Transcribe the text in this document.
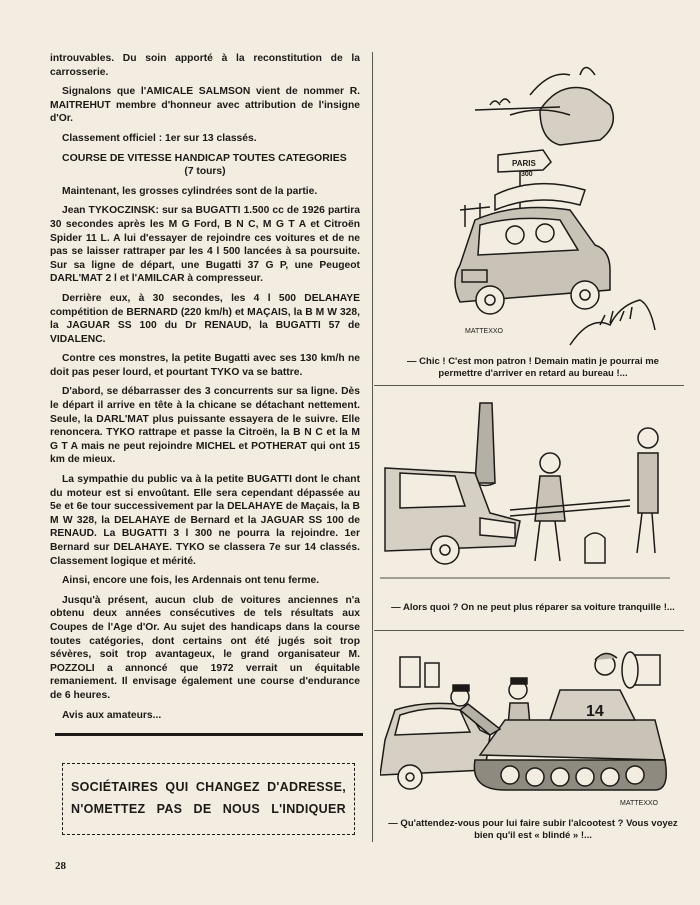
introuvables. Du soin apporté à la reconstitution de la carrosserie.

Signalons que l'AMICALE SALMSON vient de nommer R. MAITREHUT membre d'honneur avec attribution de l'insigne d'Or.

Classement officiel : 1er sur 13 classés.

COURSE DE VITESSE HANDICAP TOUTES CATEGORIES

(7 tours)

Maintenant, les grosses cylindrées sont de la partie.

Jean TYKOCZINSK: sur sa BUGATTI 1.500 cc de 1926 partira 30 secondes après les M G Ford, B N C, M G T A et Citroën Spider 11 L. A lui d'essayer de rejoindre ces voitures et de ne pas se laisser rattraper par les 4 l 500 lancées à sa poursuite. Sur sa ligne de départ, une Bugatti 37 G P, une Peugeot DARL'MAT 2 l et l'AMILCAR à compresseur.

Derrière eux, à 30 secondes, les 4 l 500 DELAHAYE compétition de BERNARD (220 km/h) et MAÇAIS, la B M W 328, la JAGUAR SS 100 du Dr RENAUD, la BUGATTI 57 de VIDALENC.

Contre ces monstres, la petite Bugatti avec ses 130 km/h ne doit pas peser lourd, et pourtant TYKO va se battre.

D'abord, se débarrasser des 3 concurrents sur sa ligne. Dès le départ il arrive en tête à la chicane se détachant nettement. Seule, la DARL'MAT plus puissante essayera de le suivre. Elle renoncera. TYKO rattrape et passe la Citroën, la B N C et la M G T A mais ne peut rejoindre MICHEL et POTHERAT qui ont 15 km de mieux.

La sympathie du public va à la petite BUGATTI dont le chant du moteur est si envoûtant. Elle sera cependant dépassée au 5e et 6e tour successivement par la DELAHAYE de Maçais, la B M W 328, la DELAHAYE de Bernard et la JAGUAR SS 100 de RENAUD. La BUGATTI 3 l 300 ne pourra la rejoindre. 1er Bernard sur DELAHAYE. TYKO se classera 7e sur 14 classés. Classement logique et mérité.

Ainsi, encore une fois, les Ardennais ont tenu ferme.

Jusqu'à présent, aucun club de voitures anciennes n'a obtenu deux années consécutives de tels résultats aux Coupes de l'Age d'Or. Au sujet des handicaps dans la course toutes catégories, dont certains ont été jugés soit trop sévères, soit trop avantageux, le grand organisateur M. POZZOLI a annoncé que 1972 verrait un équitable remaniement. Il envisage également une course d'endurance de 6 heures.

Avis aux amateurs...

SOCIÉTAIRES QUI CHANGEZ D'ADRESSE,
N'OMETTEZ PAS DE NOUS L'INDIQUER
28
PARIS
300
MATTEXXO
— Chic ! C'est mon patron ! Demain matin je pourrai me permettre d'arriver en retard au bureau !...
— Alors quoi ? On ne peut plus réparer sa voiture tranquille !...
14
MATTEXXO
— Qu'attendez-vous pour lui faire subir l'alcootest ? Vous voyez bien qu'il est « blindé » !...
